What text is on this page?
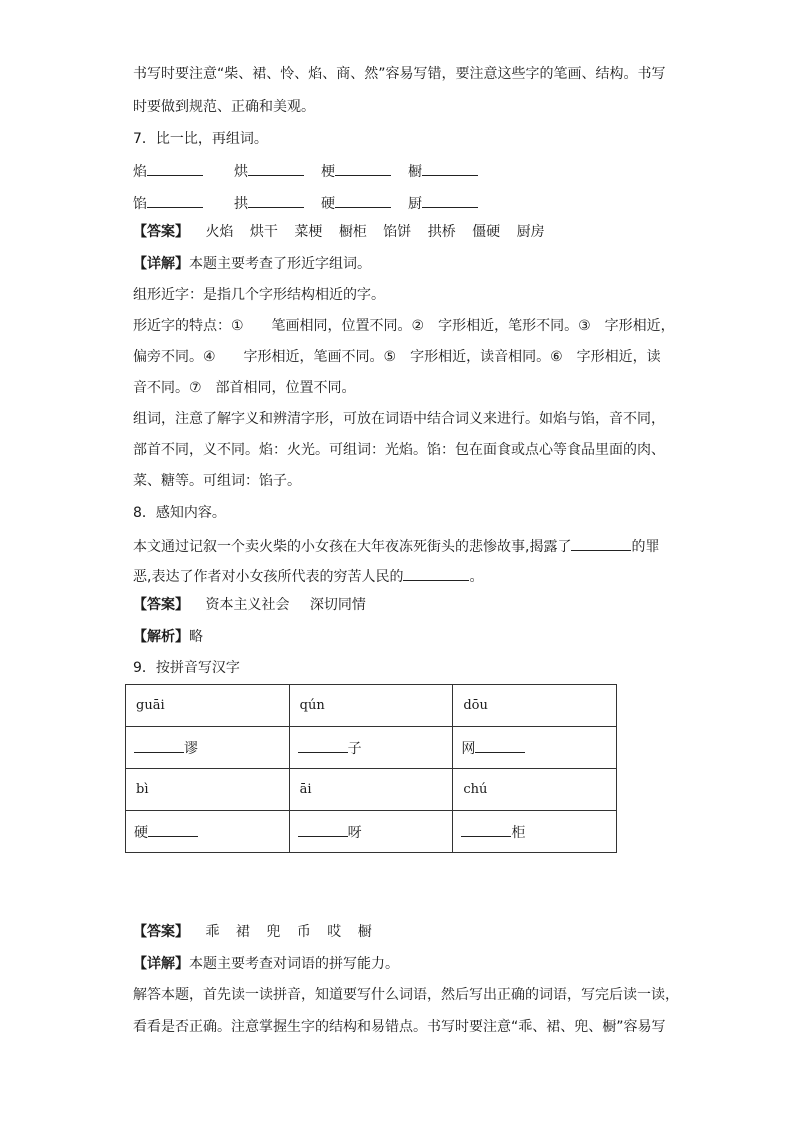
书写时要注意“柴、裙、怜、焰、商、然”容易写错，要注意这些字的笔画、结构。书写
时要做到规范、正确和美观。
7．比一比，再组词。
焰	烘	梗	橱
馅	拱	硬	厨
【答案】 火焰 烘干 菜梗 橱柜 馅饼 拱桥 僵硬 厨房
【详解】本题主要考查了形近字组词。
组形近字：是指几个字形结构相近的字。
形近字的特点：①　　笔画相同，位置不同。②　字形相近，笔形不同。③　字形相近，
偏旁不同。④　　字形相近，笔画不同。⑤　字形相近，读音相同。⑥　字形相近，读
音不同。⑦　部首相同，位置不同。
组词，注意了解字义和辨清字形，可放在词语中结合词义来进行。如焰与馅，音不同，
部首不同，义不同。焰：火光。可组词：光焰。馅：包在面食或点心等食品里面的肉、
菜、糖等。可组词：馅子。
8．感知内容。
本文通过记叙一个卖火柴的小女孩在大年夜冻死街头的悲惨故事,揭露了	的罪
恶,表达了作者对小女孩所代表的穷苦人民的	。
【答案】 资本主义社会 深切同情
【解析】略
9．按拼音写汉字
guāi	qún	dōu
谬	子	网
bì	āi	chú
硬	呀	柜
【答案】 乖 裙 兜 币 哎 橱
【详解】本题主要考查对词语的拼写能力。
解答本题，首先读一读拼音，知道要写什么词语，然后写出正确的词语，写完后读一读，
看看是否正确。注意掌握生字的结构和易错点。书写时要注意“乖、裙、兜、橱”容易写
